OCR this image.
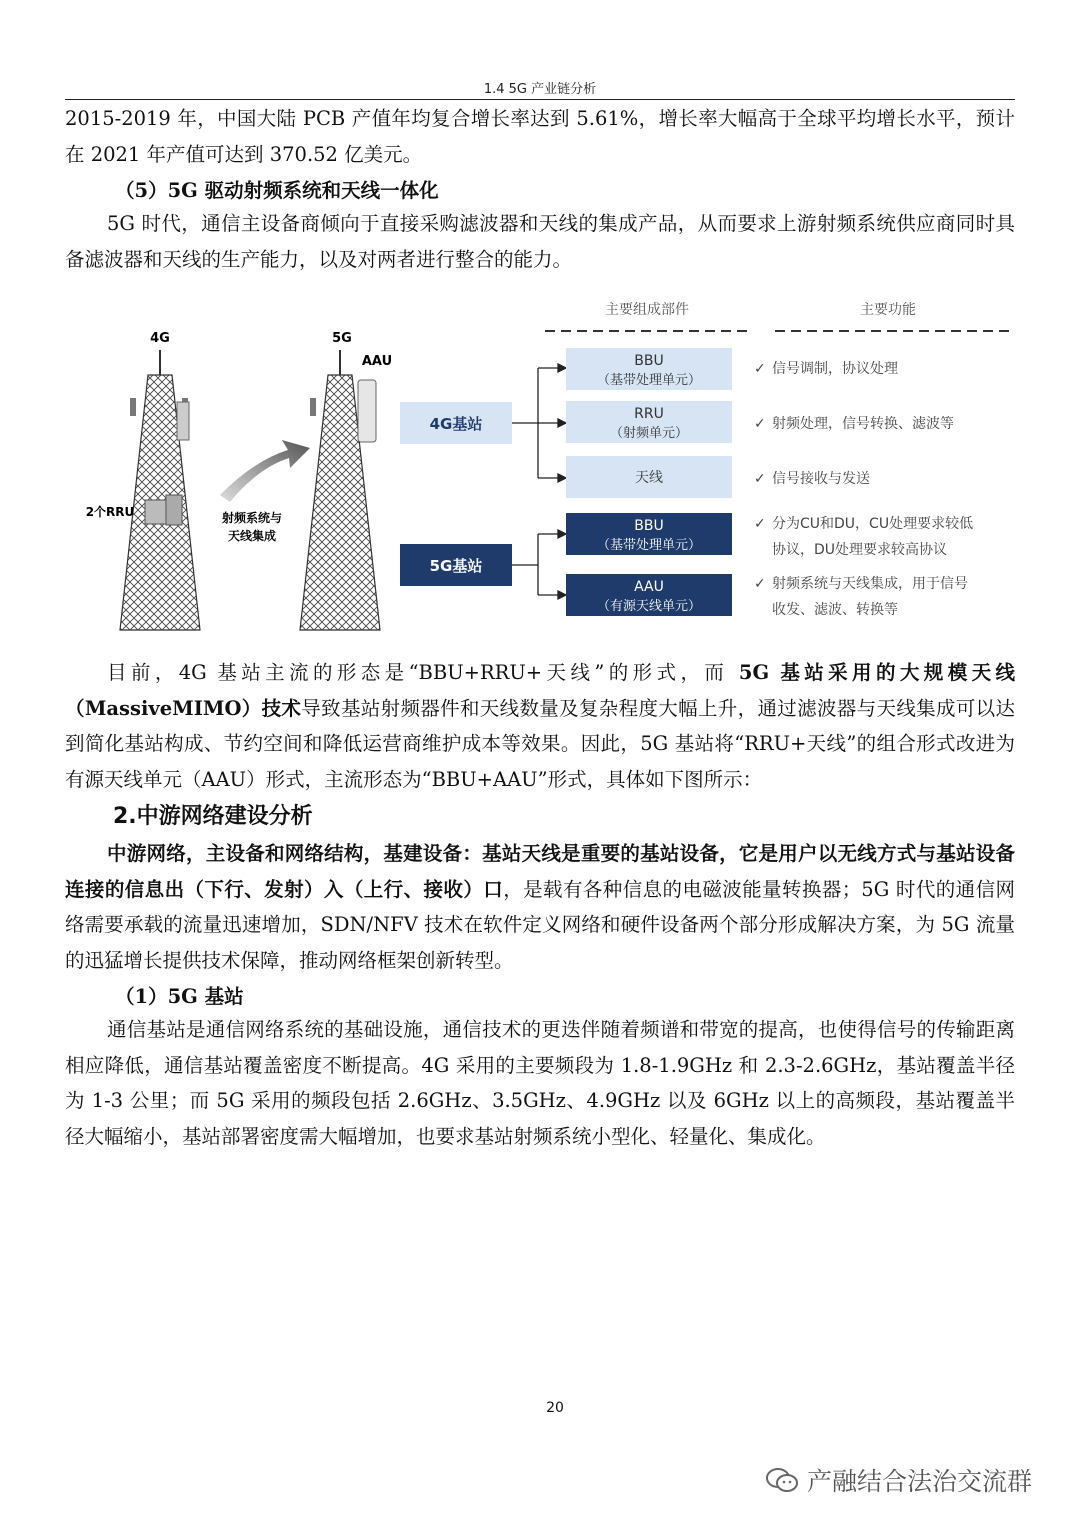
1.4 5G 产业链分析

2015-2019 年，中国大陆 PCB 产值年均复合增长率达到 5.61%，增长率大幅高于全球平均增长水平，预计在 2021 年产值可达到 370.52 亿美元。

（5）5G 驱动射频系统和天线一体化

5G 时代，通信主设备商倾向于直接采购滤波器和天线的集成产品，从而要求上游射频系统供应商同时具备滤波器和天线的生产能力，以及对两者进行整合的能力。

4G
2个RRU	射频系统与
天线集成
5G
AAU
主要组成部件	主要功能
4G基站
BBU
（基带处理单元）
RRU
（射频单元）
天线
5G基站
BBU
（基带处理单元）
AAU
（有源天线单元）
✓ 信号调制，协议处理
✓ 射频处理，信号转换、滤波等
✓ 信号接收与发送
✓ 分为CU和DU，CU处理要求较低
协议，DU处理要求较高协议
✓ 射频系统与天线集成，用于信号
收发、滤波、转换等

目前，4G 基站主流的形态是“BBU+RRU+天线”的形式，而 5G 基站采用的大规模天线（MassiveMIMO）技术导致基站射频器件和天线数量及复杂程度大幅上升，通过滤波器与天线集成可以达到简化基站构成、节约空间和降低运营商维护成本等效果。因此，5G 基站将“RRU+天线”的组合形式改进为有源天线单元（AAU）形式，主流形态为“BBU+AAU”形式，具体如下图所示：

2.中游网络建设分析

中游网络，主设备和网络结构，基建设备：基站天线是重要的基站设备，它是用户以无线方式与基站设备连接的信息出（下行、发射）入（上行、接收）口，是载有各种信息的电磁波能量转换器；5G 时代的通信网络需要承载的流量迅速增加，SDN/NFV 技术在软件定义网络和硬件设备两个部分形成解决方案，为 5G 流量的迅猛增长提供技术保障，推动网络框架创新转型。

（1）5G 基站

通信基站是通信网络系统的基础设施，通信技术的更迭伴随着频谱和带宽的提高，也使得信号的传输距离相应降低，通信基站覆盖密度不断提高。4G 采用的主要频段为 1.8-1.9GHz 和 2.3-2.6GHz，基站覆盖半径为 1-3 公里；而 5G 采用的频段包括 2.6GHz、3.5GHz、4.9GHz 以及 6GHz 以上的高频段，基站覆盖半径大幅缩小，基站部署密度需大幅增加，也要求基站射频系统小型化、轻量化、集成化。

20
产融结合法治交流群
